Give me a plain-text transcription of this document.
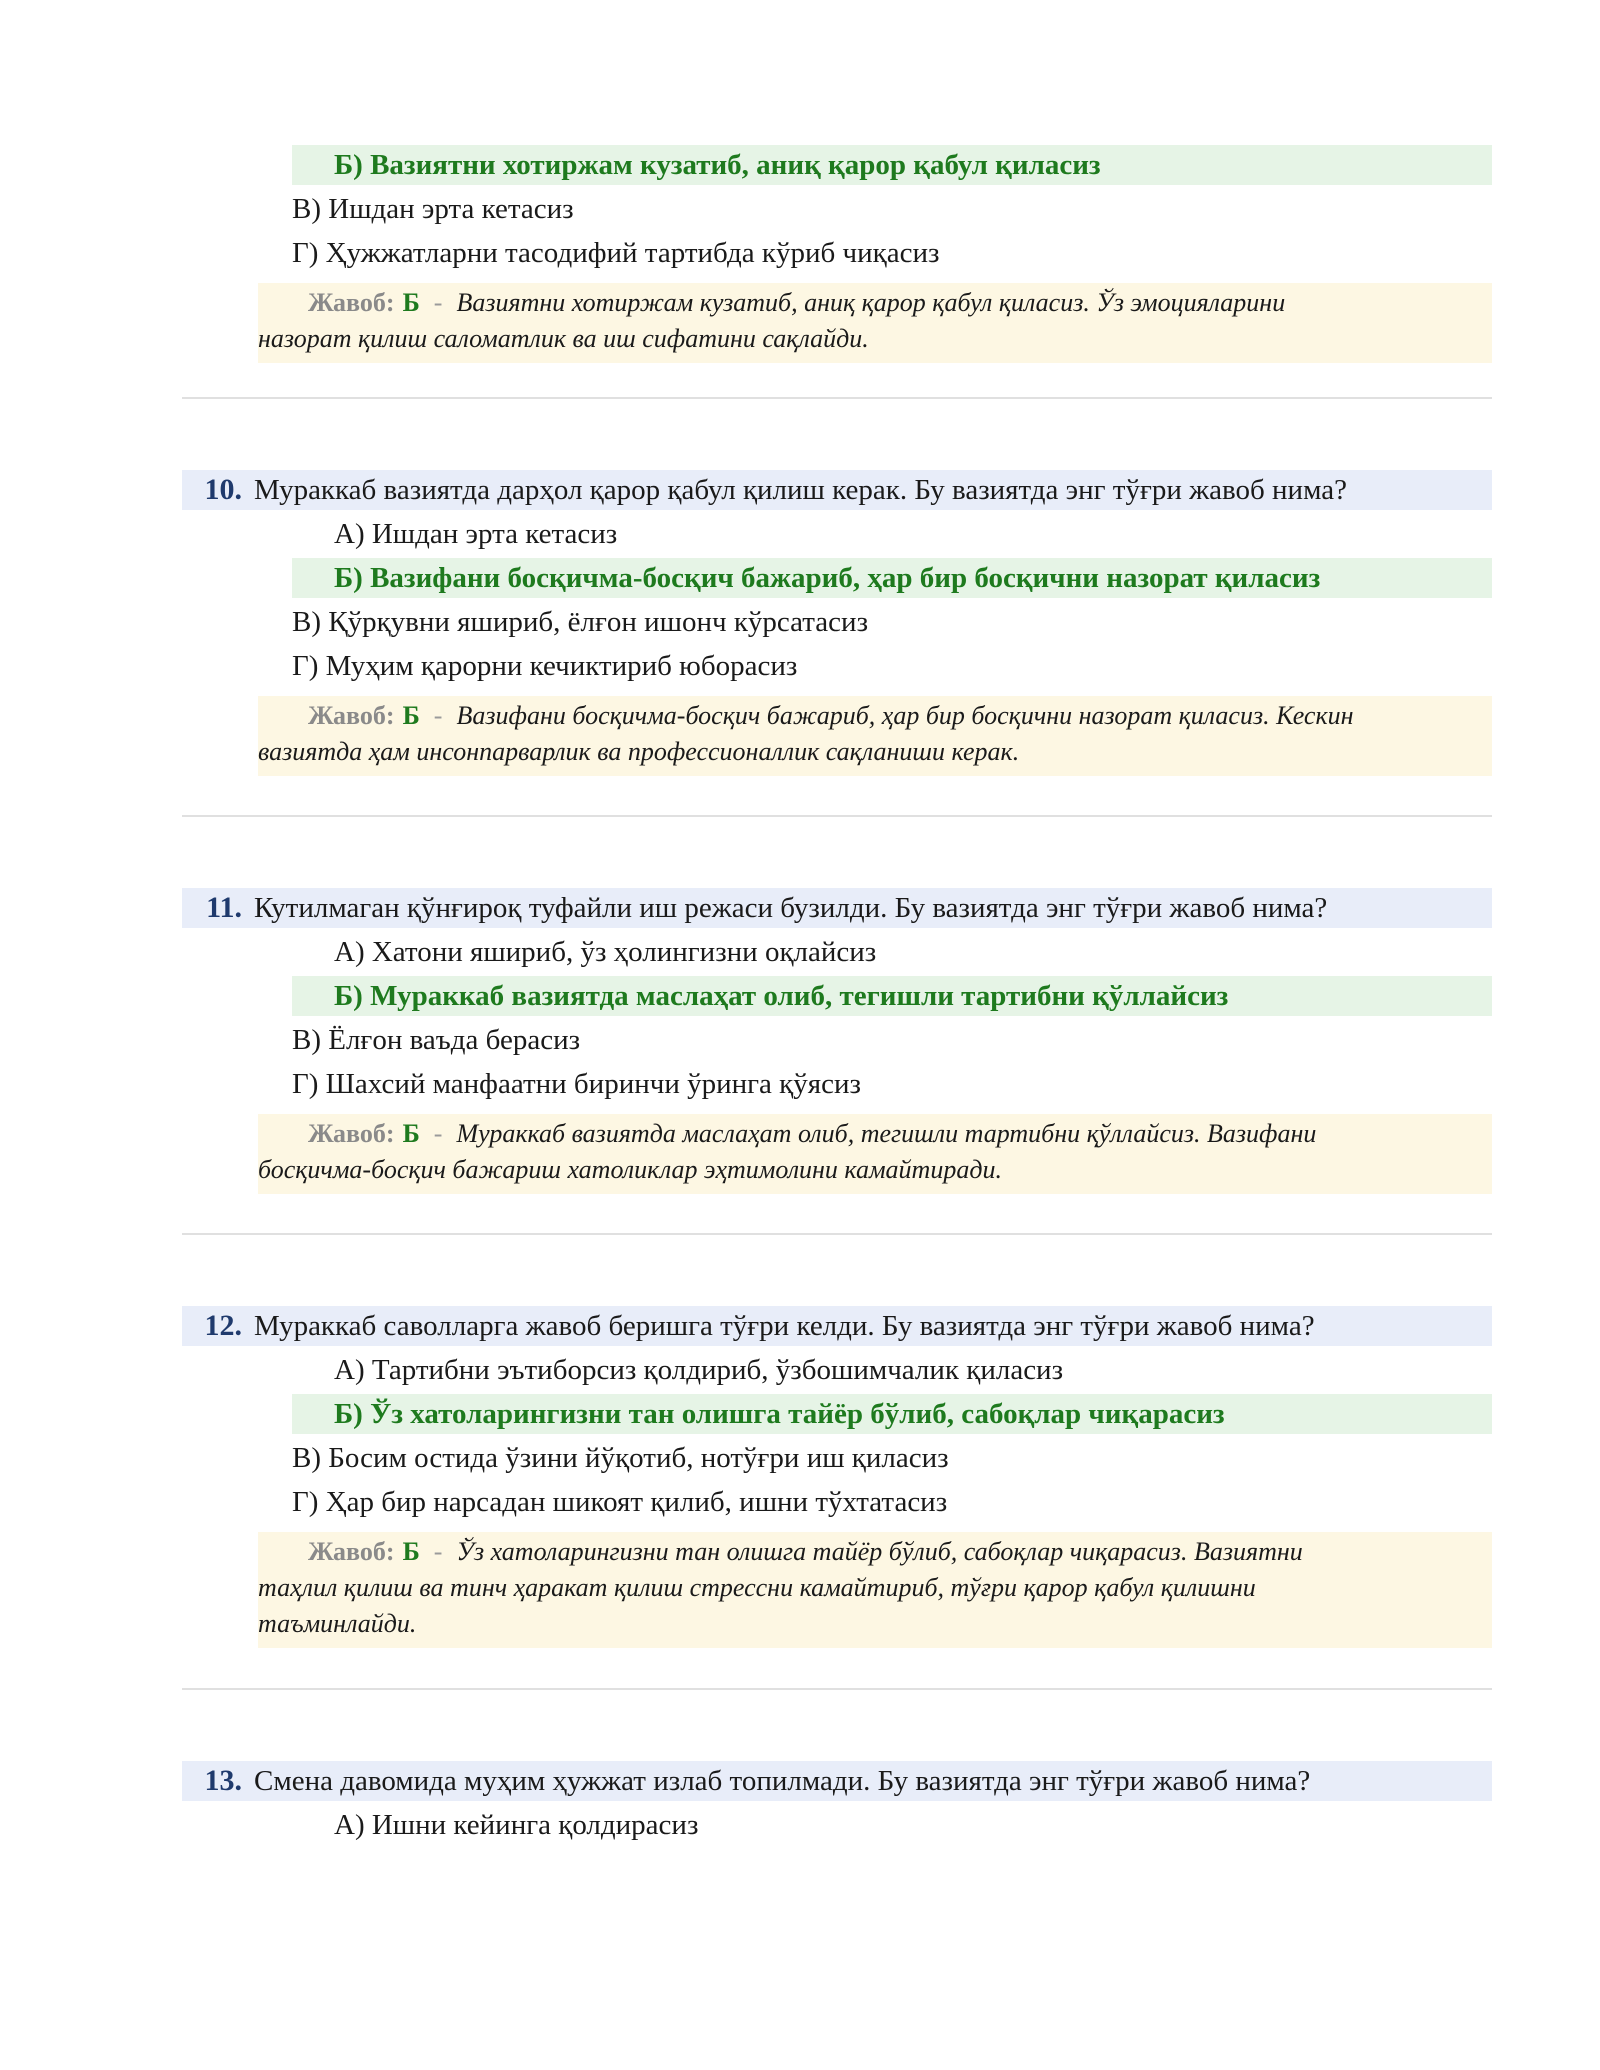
Б) Вазиятни хотиржам кузатиб, аниқ қарор қабул қиласиз
В) Ишдан эрта кетасиз
Г) Ҳужжатларни тасодифий тартибда кўриб чиқасиз
Жавоб: Б - Вазиятни хотиржам кузатиб, аниқ қарор қабул қиласиз. Ўз эмоцияларини
назорат қилиш саломатлик ва иш сифатини сақлайди.
10. Мураккаб вазиятда дарҳол қарор қабул қилиш керак. Бу вазиятда энг тўғри жавоб нима?
А) Ишдан эрта кетасиз
Б) Вазифани босқичма-босқич бажариб, ҳар бир босқични назорат қиласиз
В) Қўрқувни яшириб, ёлғон ишонч кўрсатасиз
Г) Муҳим қарорни кечиктириб юборасиз
Жавоб: Б - Вазифани босқичма-босқич бажариб, ҳар бир босқични назорат қиласиз. Кескин
вазиятда ҳам инсонпарварлик ва профессионаллик сақланиши керак.
11. Кутилмаган қўнғироқ туфайли иш режаси бузилди. Бу вазиятда энг тўғри жавоб нима?
А) Хатони яшириб, ўз ҳолингизни оқлайсиз
Б) Мураккаб вазиятда маслаҳат олиб, тегишли тартибни қўллайсиз
В) Ёлғон ваъда берасиз
Г) Шахсий манфаатни биринчи ўринга қўясиз
Жавоб: Б - Мураккаб вазиятда маслаҳат олиб, тегишли тартибни қўллайсиз. Вазифани
босқичма-босқич бажариш хатоликлар эҳтимолини камайтиради.
12. Мураккаб саволларга жавоб беришга тўғри келди. Бу вазиятда энг тўғри жавоб нима?
А) Тартибни эътиборсиз қолдириб, ўзбошимчалик қиласиз
Б) Ўз хатоларингизни тан олишга тайёр бўлиб, сабоқлар чиқарасиз
В) Босим остида ўзини йўқотиб, нотўғри иш қиласиз
Г) Ҳар бир нарсадан шикоят қилиб, ишни тўхтатасиз
Жавоб: Б - Ўз хатоларингизни тан олишга тайёр бўлиб, сабоқлар чиқарасиз. Вазиятни
таҳлил қилиш ва тинч ҳаракат қилиш стрессни камайтириб, тўғри қарор қабул қилишни
таъминлайди.
13. Смена давомида муҳим ҳужжат излаб топилмади. Бу вазиятда энг тўғри жавоб нима?
А) Ишни кейинга қолдирасиз
